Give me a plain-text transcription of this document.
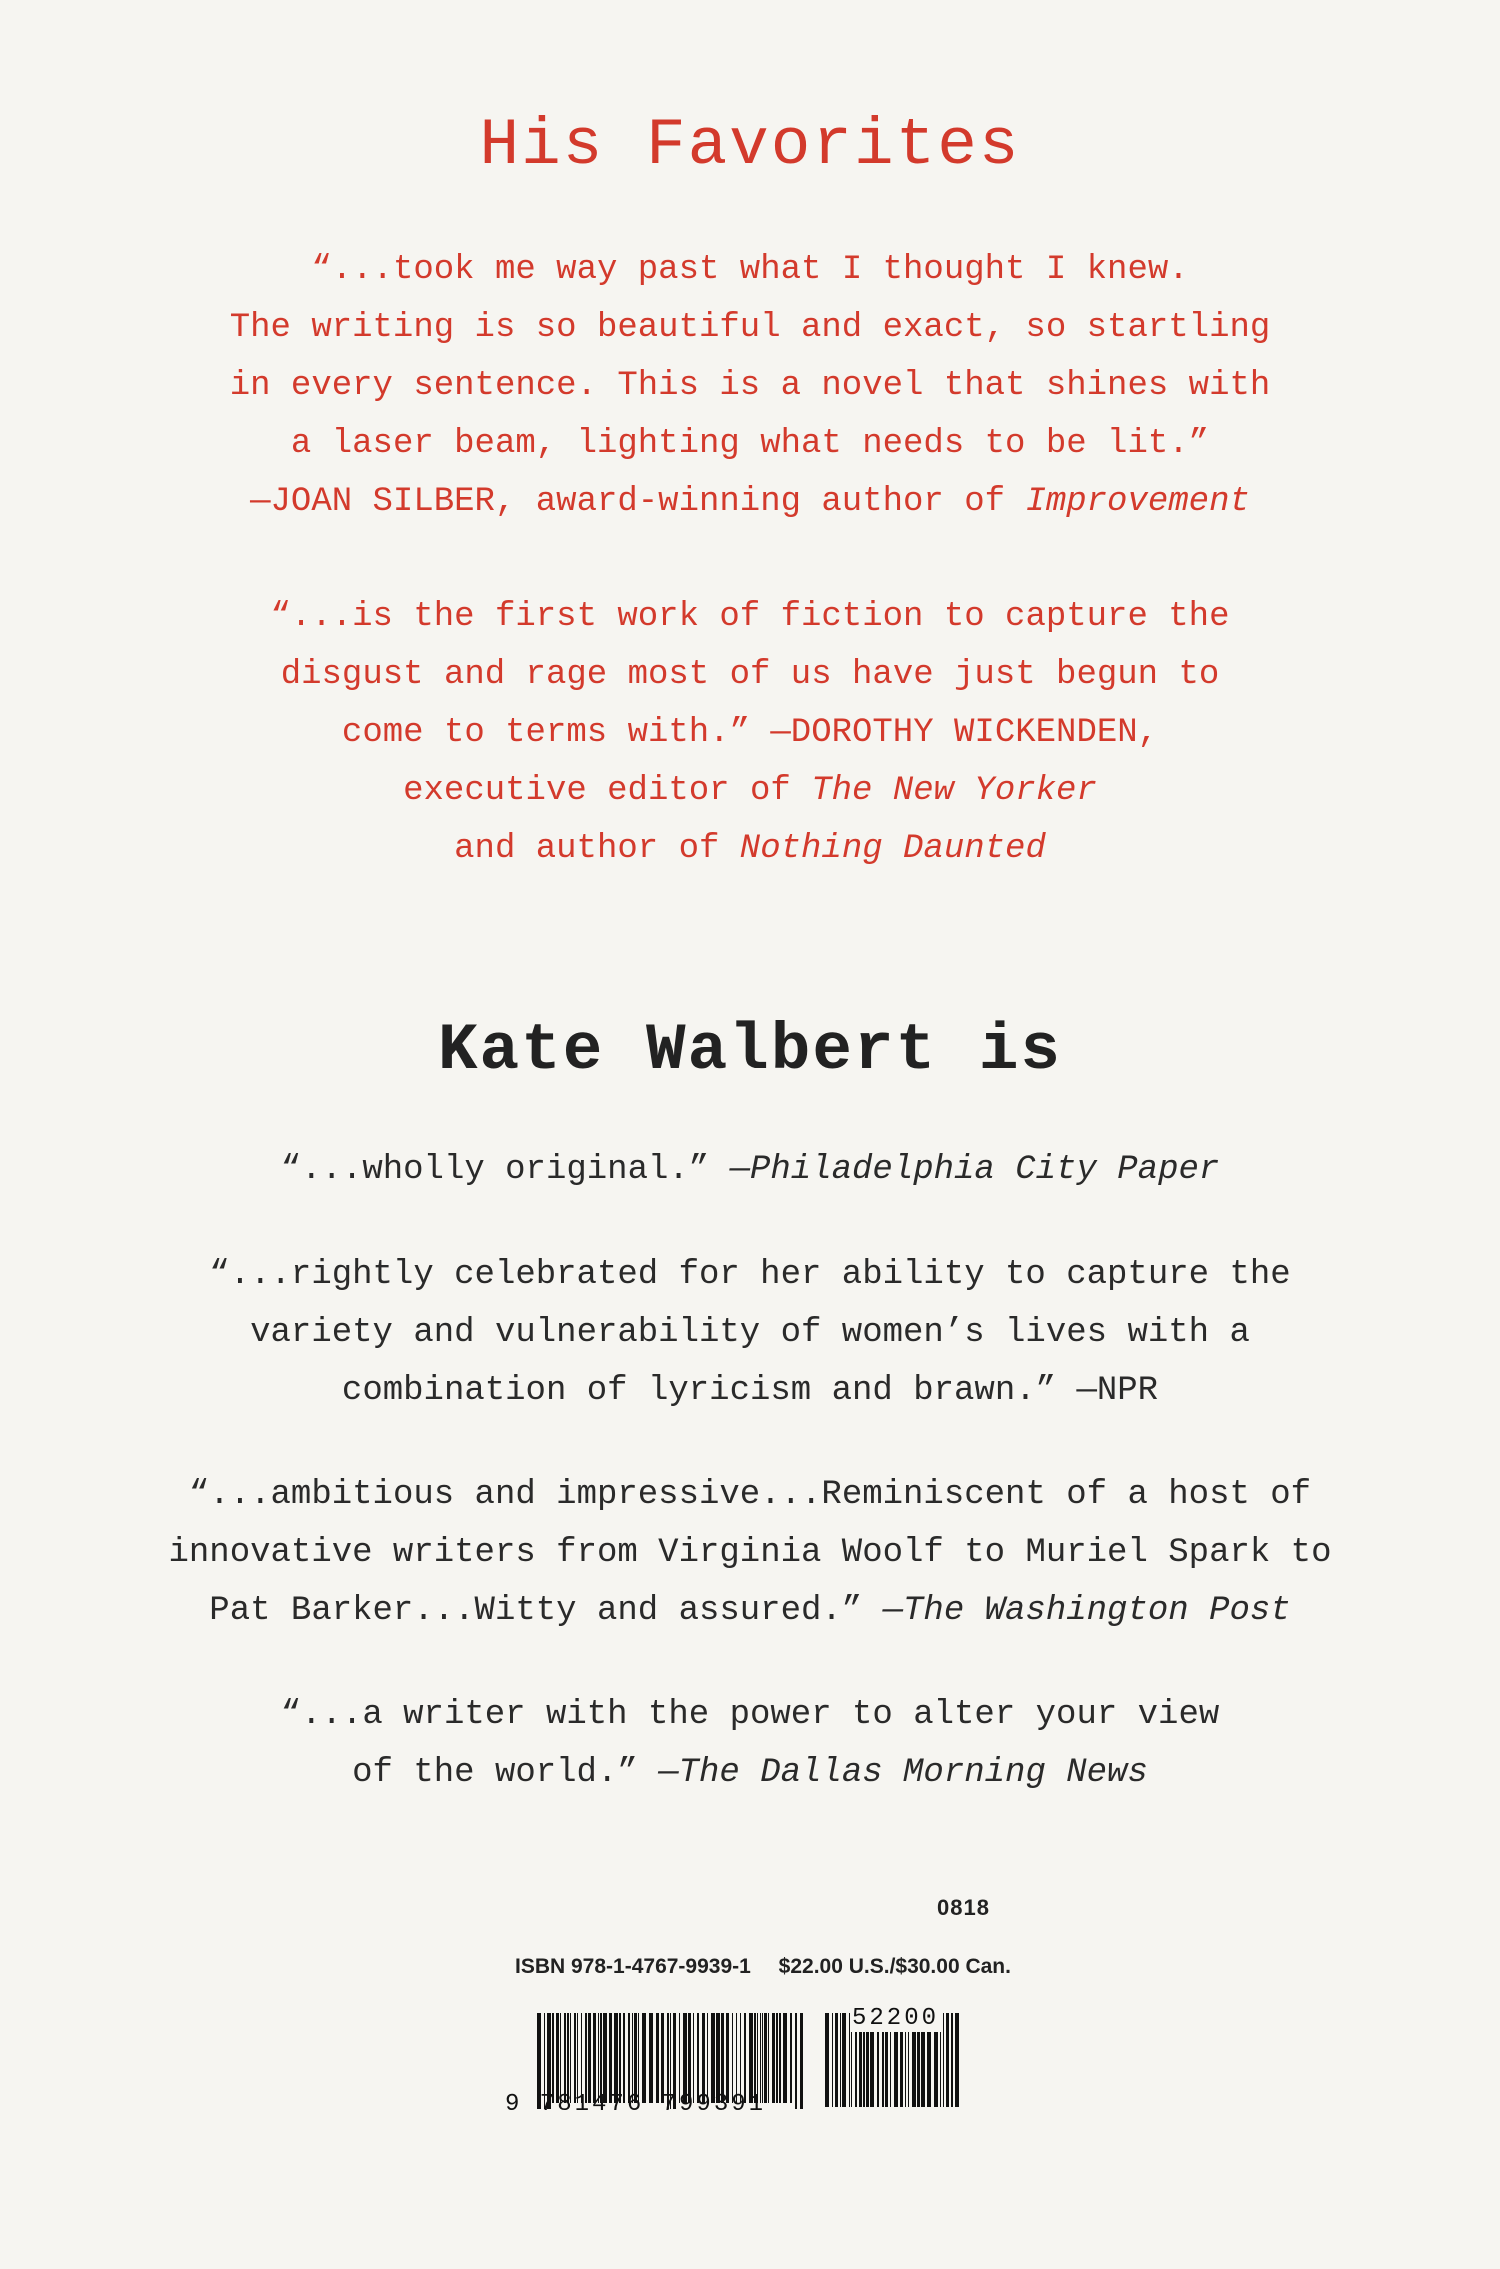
His Favorites
“...took me way past what I thought I knew.
The writing is so beautiful and exact, so startling
in every sentence. This is a novel that shines with
a laser beam, lighting what needs to be lit.”
—JOAN SILBER, award-winning author of Improvement
“...is the first work of fiction to capture the
disgust and rage most of us have just begun to
come to terms with.” —DOROTHY WICKENDEN,
executive editor of The New Yorker
and author of Nothing Daunted
Kate Walbert is
“...wholly original.” —Philadelphia City Paper
“...rightly celebrated for her ability to capture the
variety and vulnerability of women’s lives with a
combination of lyricism and brawn.” —NPR
“...ambitious and impressive...Reminiscent of a host of
innovative writers from Virginia Woolf to Muriel Spark to
Pat Barker...Witty and assured.” —The Washington Post
“...a writer with the power to alter your view
of the world.” —The Dallas Morning News
0818
ISBN 978-1-4767-9939-1 $22.00 U.S./$30.00 Can.
9 781476 799391
52200
